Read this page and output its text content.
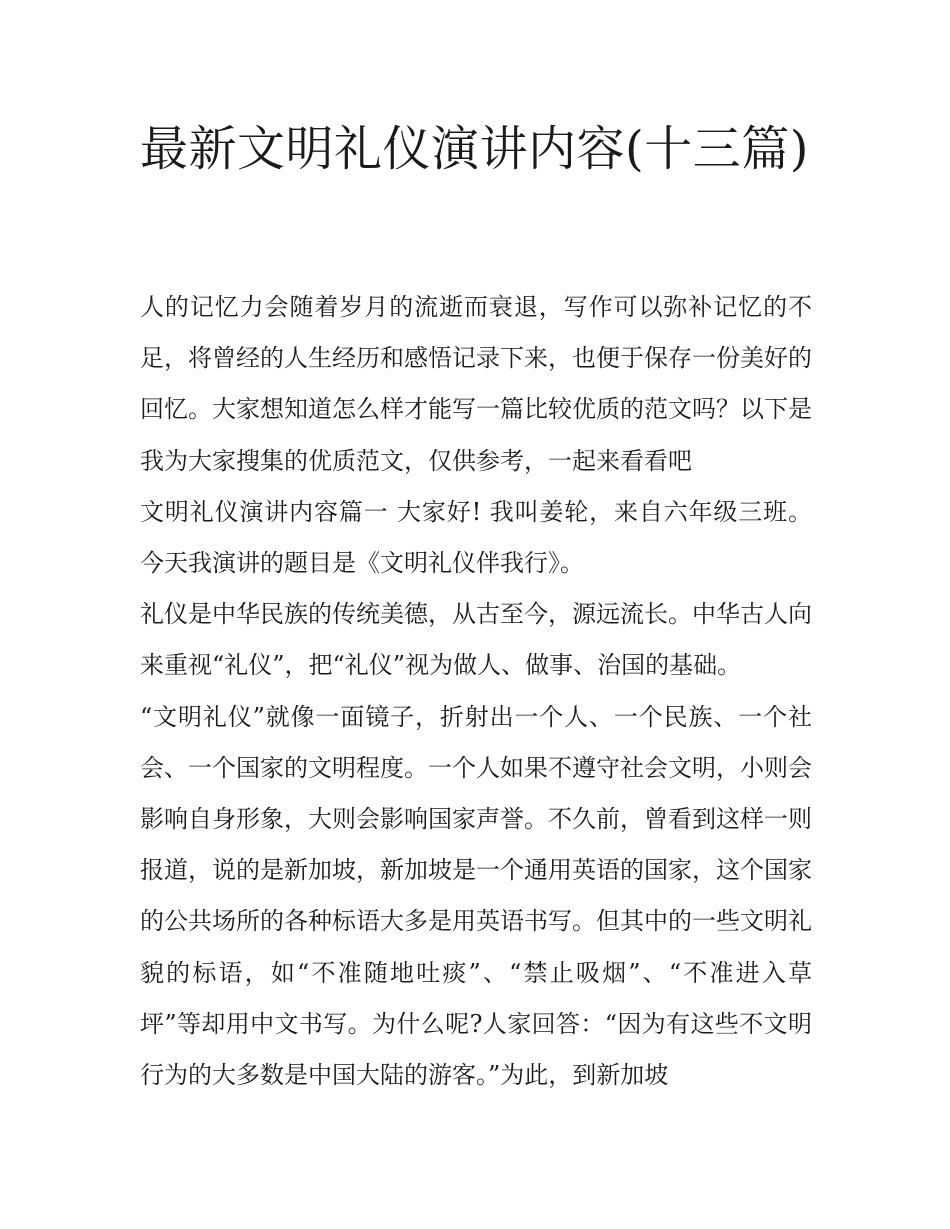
最新文明礼仪演讲内容(十三篇)

人的记忆力会随着岁月的流逝而衰退，写作可以弥补记忆的不足，将曾经的人生经历和感悟记录下来，也便于保存一份美好的回忆。大家想知道怎么样才能写一篇比较优质的范文吗？以下是我为大家搜集的优质范文，仅供参考，一起来看看吧

文明礼仪演讲内容篇一 大家好! 我叫姜轮，来自六年级三班。今天我演讲的题目是《文明礼仪伴我行》。

礼仪是中华民族的传统美德，从古至今，源远流长。中华古人向来重视“礼仪”，把“礼仪”视为做人、做事、治国的基础。

“文明礼仪”就像一面镜子，折射出一个人、一个民族、一个社会、一个国家的文明程度。一个人如果不遵守社会文明，小则会影响自身形象，大则会影响国家声誉。不久前，曾看到这样一则报道，说的是新加坡，新加坡是一个通用英语的国家，这个国家的公共场所的各种标语大多是用英语书写。但其中的一些文明礼貌的标语，如“不准随地吐痰”、“禁止吸烟”、“不准进入草坪”等却用中文书写。为什么呢?人家回答：“因为有这些不文明行为的大多数是中国大陆的游客。”为此，到新加坡
